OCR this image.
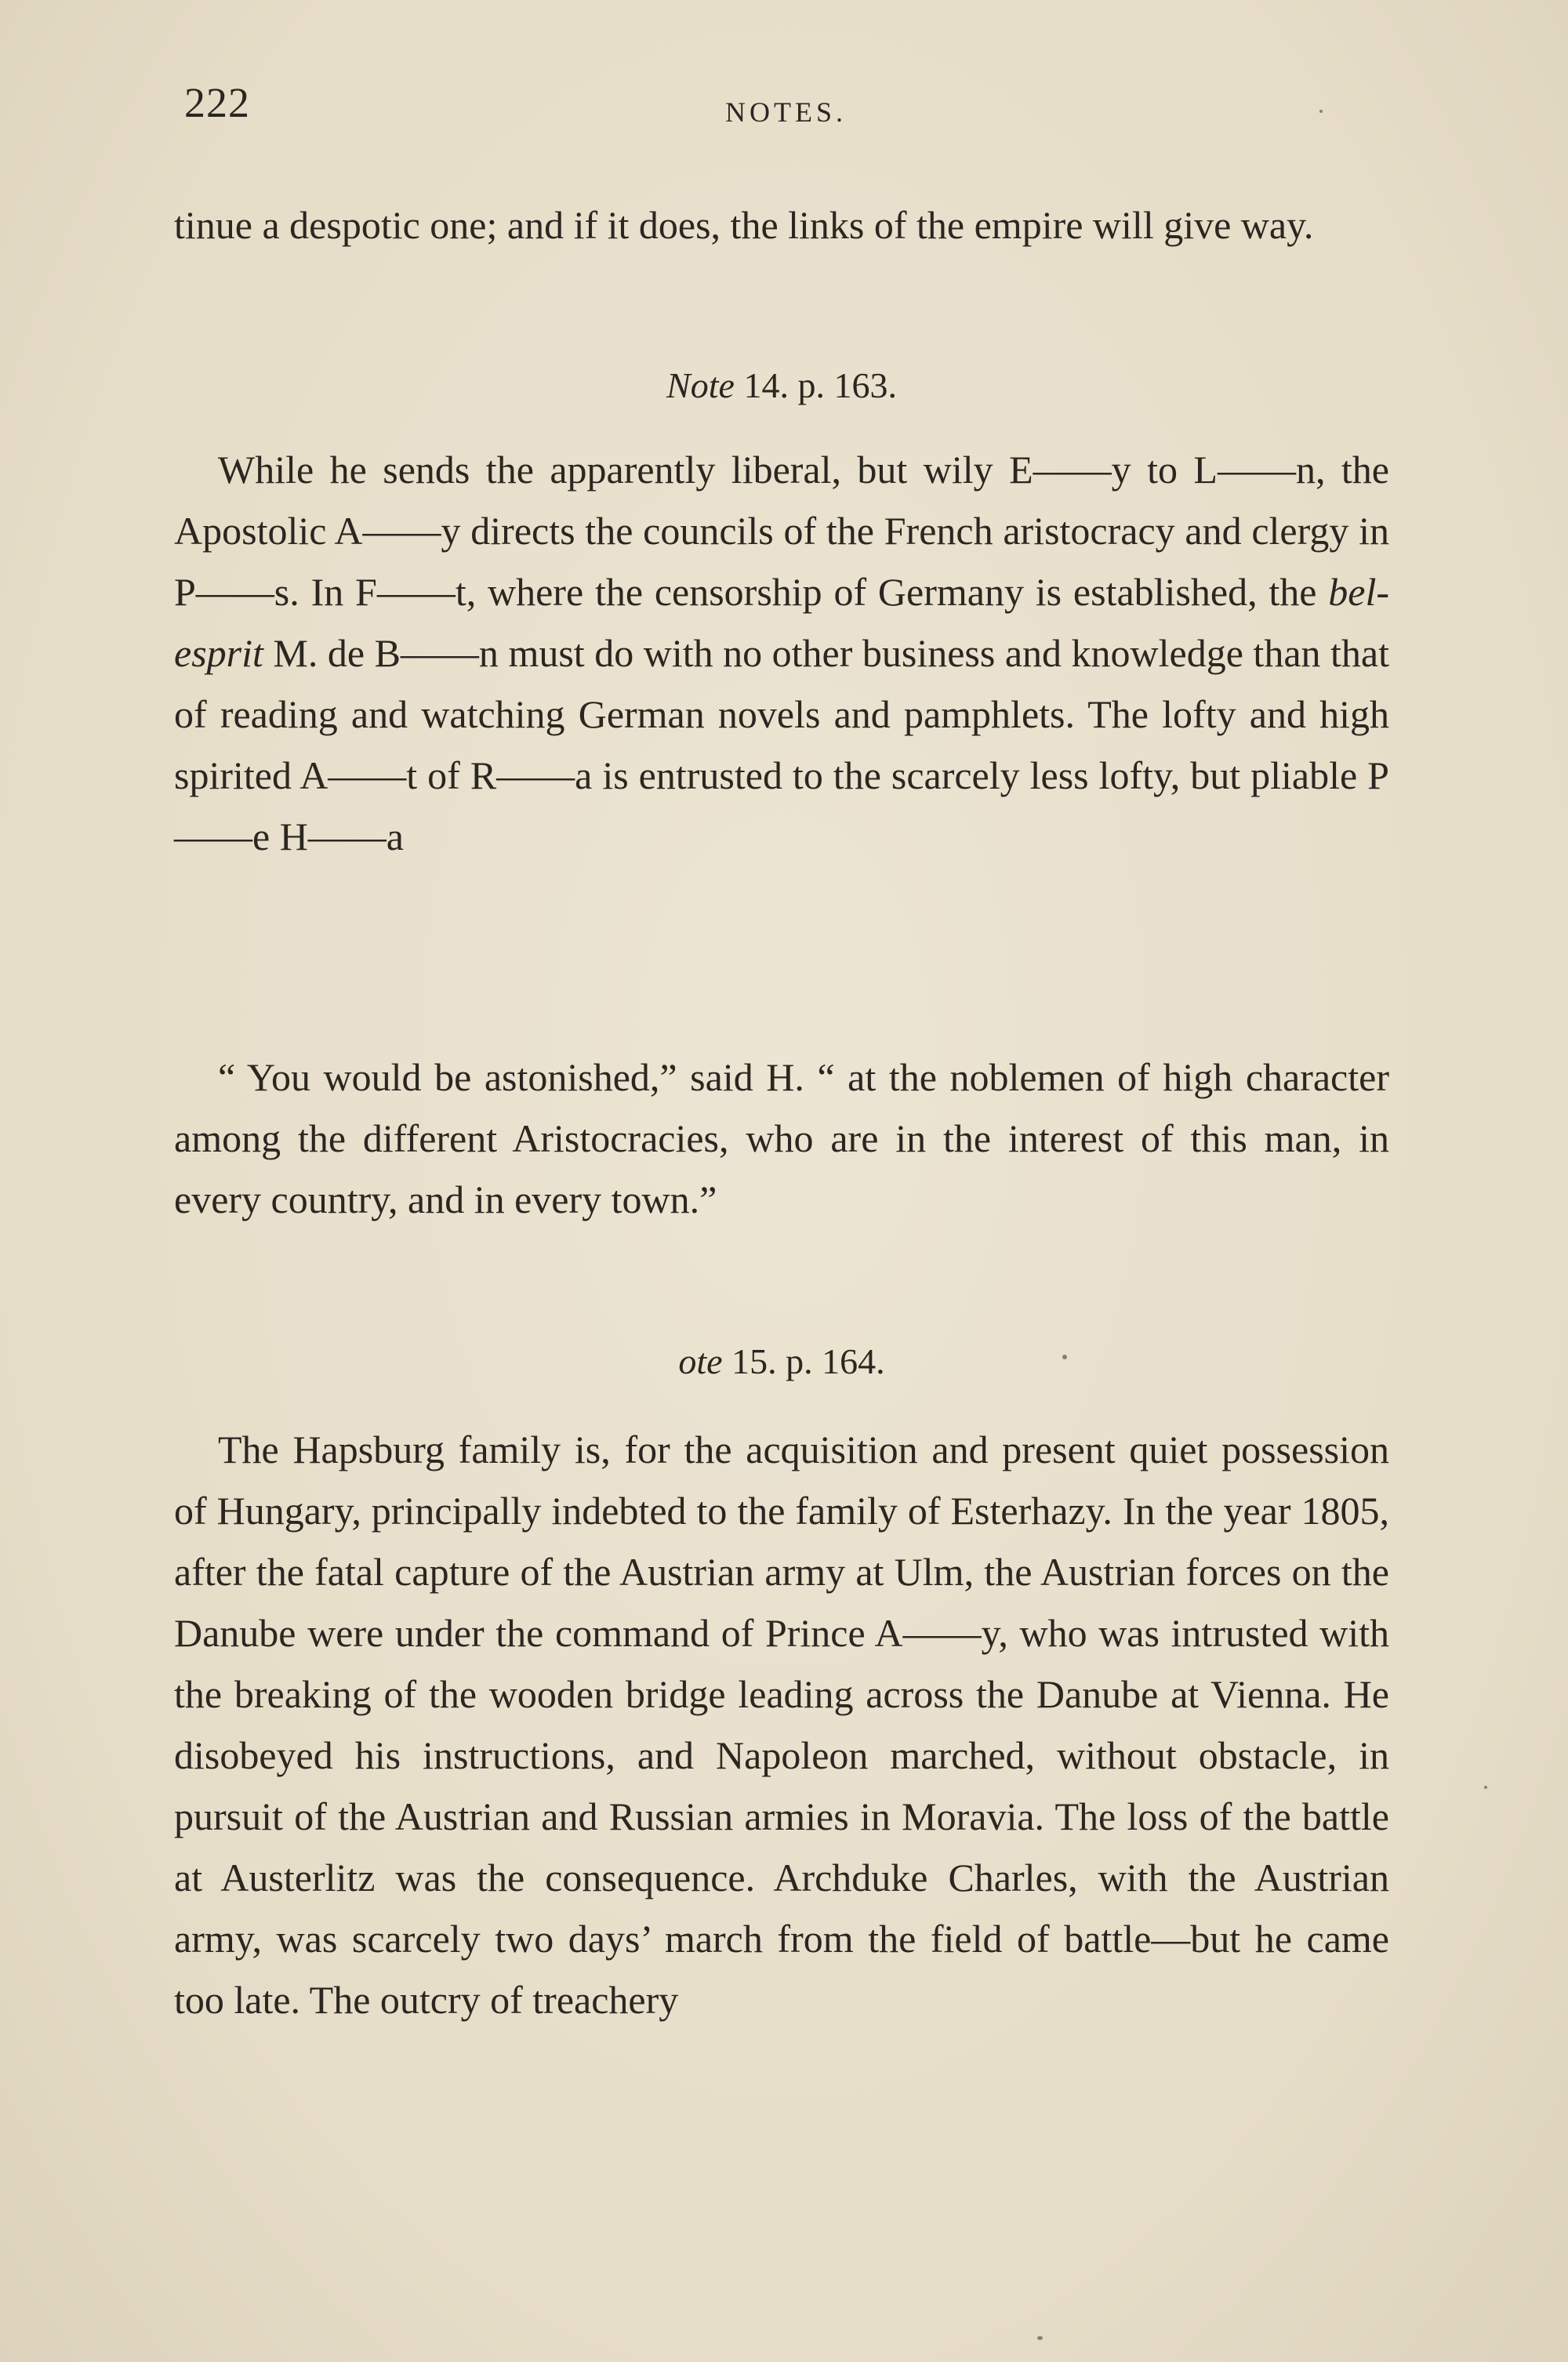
222	NOTES.

tinue a despotic one; and if it does, the links of the empire will give way.

Note 14. p. 163.

While he sends the apparently liberal, but wily E——y to L——n, the Apostolic A——y directs the councils of the French aristocracy and clergy in P——s. In F——t, where the censorship of Germany is established, the bel-esprit M. de B——n must do with no other business and knowledge than that of reading and watching German novels and pamphlets. The lofty and high spirited A——t of R——a is entrusted to the scarcely less lofty, but pliable P——e H——a

“ You would be astonished,” said H. “ at the noblemen of high character among the different Aristocracies, who are in the interest of this man, in every country, and in every town.”

ote 15. p. 164.

The Hapsburg family is, for the acquisition and present quiet possession of Hungary, principally indebted to the family of Esterhazy. In the year 1805, after the fatal capture of the Austrian army at Ulm, the Austrian forces on the Danube were under the command of Prince A——y, who was intrusted with the breaking of the wooden bridge leading across the Danube at Vienna. He disobeyed his instructions, and Napoleon marched, without obstacle, in pursuit of the Austrian and Russian armies in Moravia. The loss of the battle at Austerlitz was the consequence. Archduke Charles, with the Austrian army, was scarcely two days’ march from the field of battle—but he came too late. The outcry of treachery
